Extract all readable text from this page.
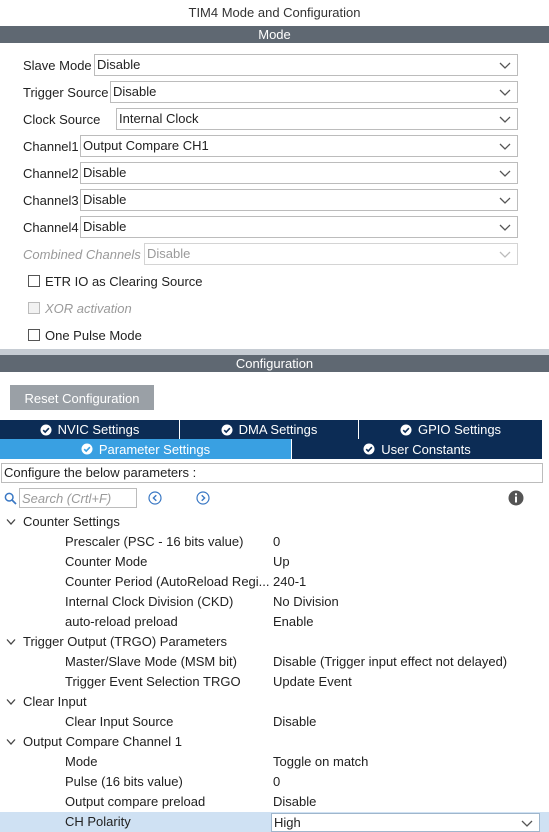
TIM4 Mode and Configuration
Mode
Slave Mode Disable
Trigger Source Disable
Clock Source Internal Clock
Channel1 Output Compare CH1
Channel2 Disable
Channel3 Disable
Channel4 Disable
Combined Channels Disable
ETR IO as Clearing Source
XOR activation
One Pulse Mode
Configuration
Reset Configuration
NVIC Settings	DMA Settings	GPIO Settings
Parameter Settings	User Constants
Configure the below parameters :
Search (Crtl+F)
Counter Settings
Prescaler (PSC - 16 bits value)	0
Counter Mode	Up
Counter Period (AutoReload Regi... 240-1
Internal Clock Division (CKD)	No Division
auto-reload preload	Enable
Trigger Output (TRGO) Parameters
Master/Slave Mode (MSM bit)	Disable (Trigger input effect not delayed)
Trigger Event Selection TRGO	Update Event
Clear Input
Clear Input Source	Disable
Output Compare Channel 1
Mode	Toggle on match
Pulse (16 bits value)	0
Output compare preload	Disable
CH Polarity	High
